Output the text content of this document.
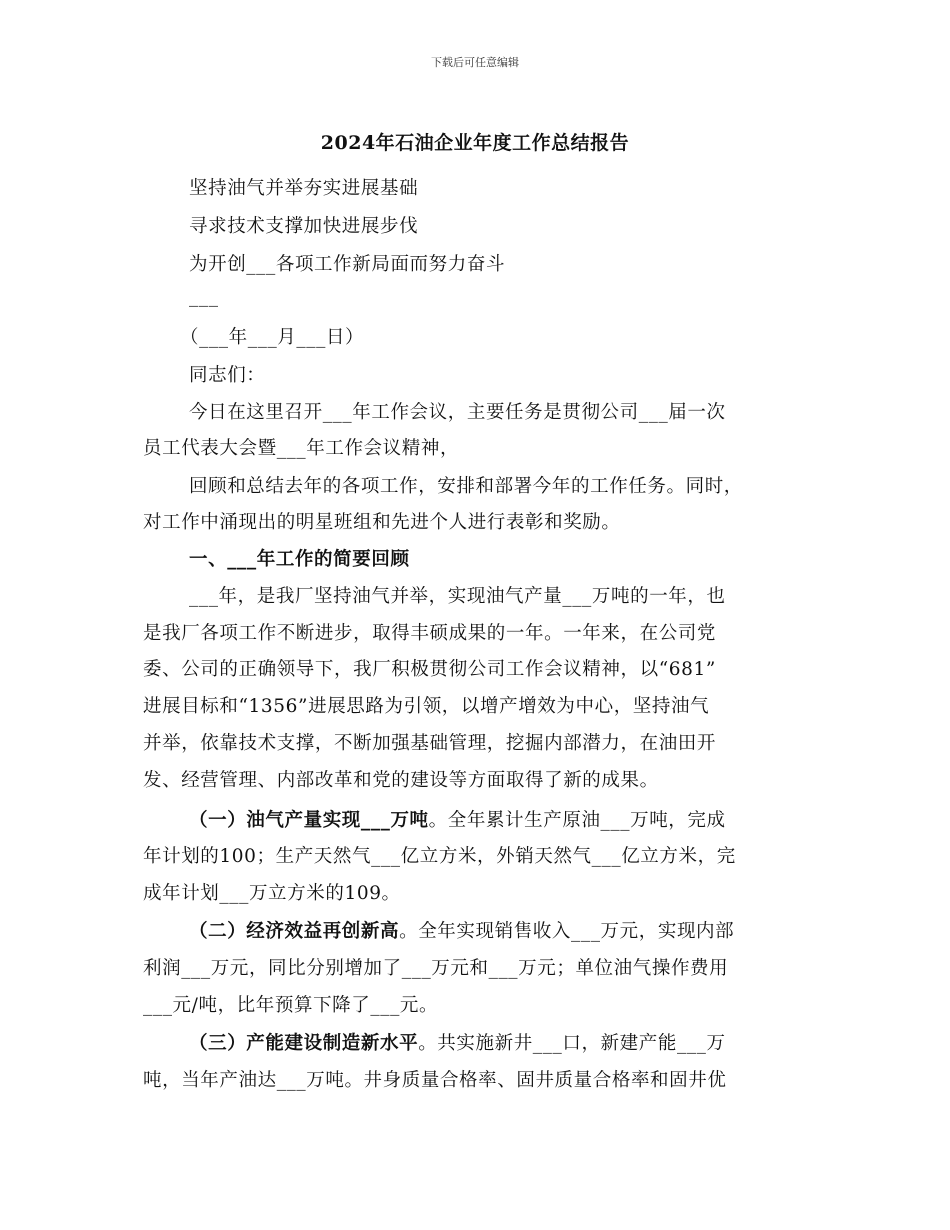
下载后可任意编辑
2024年石油企业年度工作总结报告
坚持油气并举夯实进展基础
寻求技术支撑加快进展步伐
为开创___各项工作新局面而努力奋斗
___
（___年___月___日）
同志们：
今日在这里召开___年工作会议，主要任务是贯彻公司___届一次
员工代表大会暨___年工作会议精神，
回顾和总结去年的各项工作，安排和部署今年的工作任务。同时，
对工作中涌现出的明星班组和先进个人进行表彰和奖励。
一、___年工作的简要回顾
___年，是我厂坚持油气并举，实现油气产量___万吨的一年，也
是我厂各项工作不断进步，取得丰硕成果的一年。一年来，在公司党
委、公司的正确领导下，我厂积极贯彻公司工作会议精神，以“681”
进展目标和“1356”进展思路为引领，以增产增效为中心，坚持油气
并举，依靠技术支撑，不断加强基础管理，挖掘内部潜力，在油田开
发、经营管理、内部改革和党的建设等方面取得了新的成果。
（一）油气产量实现___万吨。全年累计生产原油___万吨，完成
年计划的100；生产天然气___亿立方米，外销天然气___亿立方米，完
成年计划___万立方米的109。
（二）经济效益再创新高。全年实现销售收入___万元，实现内部
利润___万元，同比分别增加了___万元和___万元；单位油气操作费用
___元/吨，比年预算下降了___元。
（三）产能建设制造新水平。共实施新井___口，新建产能___万
吨，当年产油达___万吨。井身质量合格率、固井质量合格率和固井优
